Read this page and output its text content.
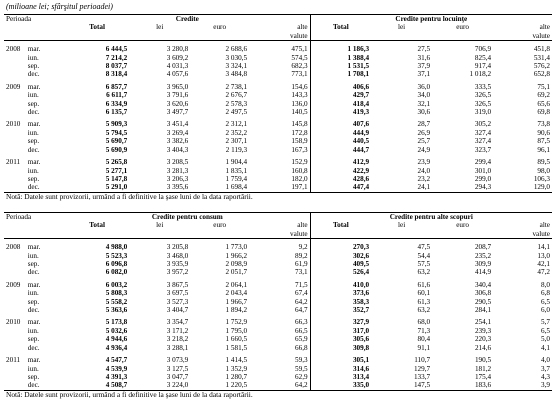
(milioane lei; sfârşitul perioadei)
Perioada		Credite				Credite pentru locuinţe			
		Total	lei	euro	alte	Total	lei	euro	alte
					valute				valute

2008	mar.	6 444,5	3 280,8	2 688,6	475,1	1 186,3	27,5	706,9	451,8
	iun.	7 214,2	3 609,2	3 030,5	574,5	1 388,4	31,6	825,4	531,4
	sep.	8 037,7	4 031,3	3 324,1	682,3	1 531,5	37,9	917,4	576,2
	dec.	8 318,4	4 057,6	3 484,8	773,1	1 708,1	37,1	1 018,2	652,8

2009	mar.	6 857,7	3 965,0	2 738,1	154,6	406,6	36,0	333,5	75,1
	iun.	6 611,7	3 791,6	2 676,7	143,3	429,7	34,0	326,5	69,2
	sep.	6 334,9	3 620,6	2 578,3	136,0	418,4	32,1	326,5	65,6
	dec.	6 135,7	3 497,7	2 497,5	140,5	419,3	30,6	319,0	69,8

2010	mar.	5 909,3	3 451,4	2 312,1	145,8	407,6	28,7	305,2	73,8
	iun.	5 794,5	3 269,4	2 352,2	172,8	444,9	26,9	327,4	90,6
	sep.	5 690,7	3 382,6	2 307,1	158,9	440,5	25,7	327,4	87,5
	dec.	5 690,9	3 404,3	2 119,3	167,3	444,7	24,9	323,7	96,1

2011	mar.	5 265,8	3 208,5	1 904,4	152,9	412,9	23,9	299,4	89,5
	iun.	5 277,1	3 281,3	1 835,1	160,8	422,9	24,0	301,0	98,0
	sep.	5 147,8	3 206,3	1 759,4	182,0	428,6	23,2	299,0	106,3
	dec.	5 291,0	3 395,6	1 698,4	197,1	447,4	24,1	294,3	129,0
Notă: Datele sunt provizorii, urmând a fi definitive la şase luni de la data raportării.									
Perioada		Credite pentru consum				Credite pentru alte scopuri			
		Total	lei	euro	alte	Total	lei	euro	alte
					valute				valute

2008	mar.	4 988,0	3 205,8	1 773,0	9,2	270,3	47,5	208,7	14,1
	iun.	5 523,3	3 468,0	1 966,2	89,2	302,6	54,4	235,2	13,0
	sep.	6 096,8	3 935,9	2 098,9	61,9	409,5	57,5	309,9	42,1
	dec.	6 082,0	3 957,2	2 051,7	73,1	526,4	63,2	414,9	47,2

2009	mar.	6 003,2	3 867,5	2 064,1	71,5	410,0	61,6	340,4	8,0
	iun.	5 808,3	3 697,5	2 043,4	67,4	373,6	60,1	306,8	6,8
	sep.	5 558,2	3 527,3	1 966,7	64,2	358,3	61,3	290,5	6,5
	dec.	5 363,6	3 404,7	1 894,2	64,7	352,7	63,2	284,1	6,0

2010	mar.	5 173,8	3 354,7	1 752,9	66,3	327,9	68,0	254,1	5,7
	iun.	5 032,6	3 171,2	1 795,0	66,5	317,0	71,3	239,3	6,5
	sep.	4 944,6	3 218,2	1 660,5	65,9	305,6	80,4	220,3	5,0
	dec.	4 936,4	3 288,1	1 581,5	66,8	309,8	91,1	214,6	4,1

2011	mar.	4 547,7	3 073,9	1 414,5	59,3	305,1	110,7	190,5	4,0
	iun.	4 539,9	3 127,5	1 352,9	59,5	314,6	129,7	181,2	3,7
	sep.	4 391,3	3 047,7	1 280,7	62,9	313,4	133,7	175,4	4,3
	dec.	4 508,7	3 224,0	1 220,5	64,2	335,0	147,5	183,6	3,9
Notă: Datele sunt provizorii, urmând a fi definitive la şase luni de la data raportării.									
